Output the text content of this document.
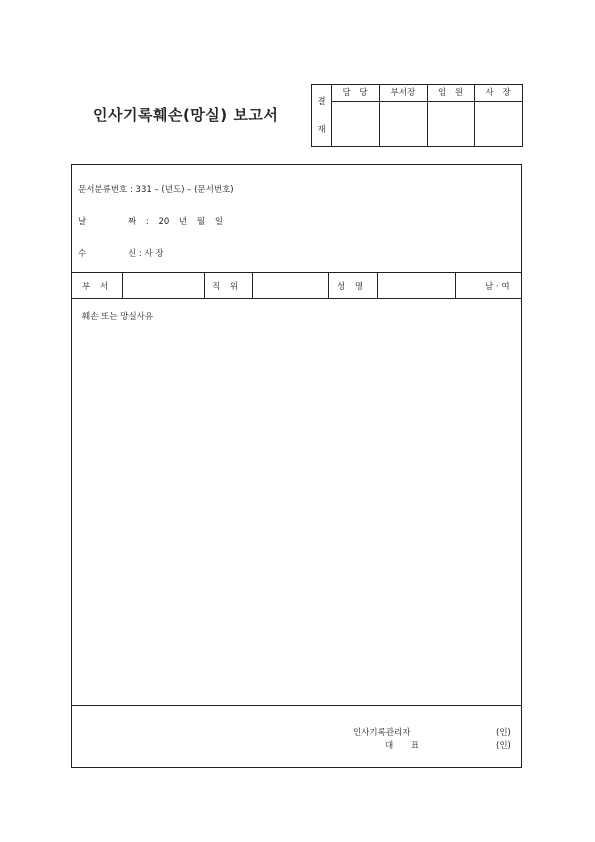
인사기록훼손(망실) 보고서
결
재
담 당	부서장	임 원	사 장
문서분류번호 : 331 – (년도) – (문서번호)
날	짜 : 20 년 월 일
수	신 : 사 장
부 서	직 위	성 명	남 · 여
훼손 또는 망실사유
인사기록관리자	(인)
대 표	(인)
